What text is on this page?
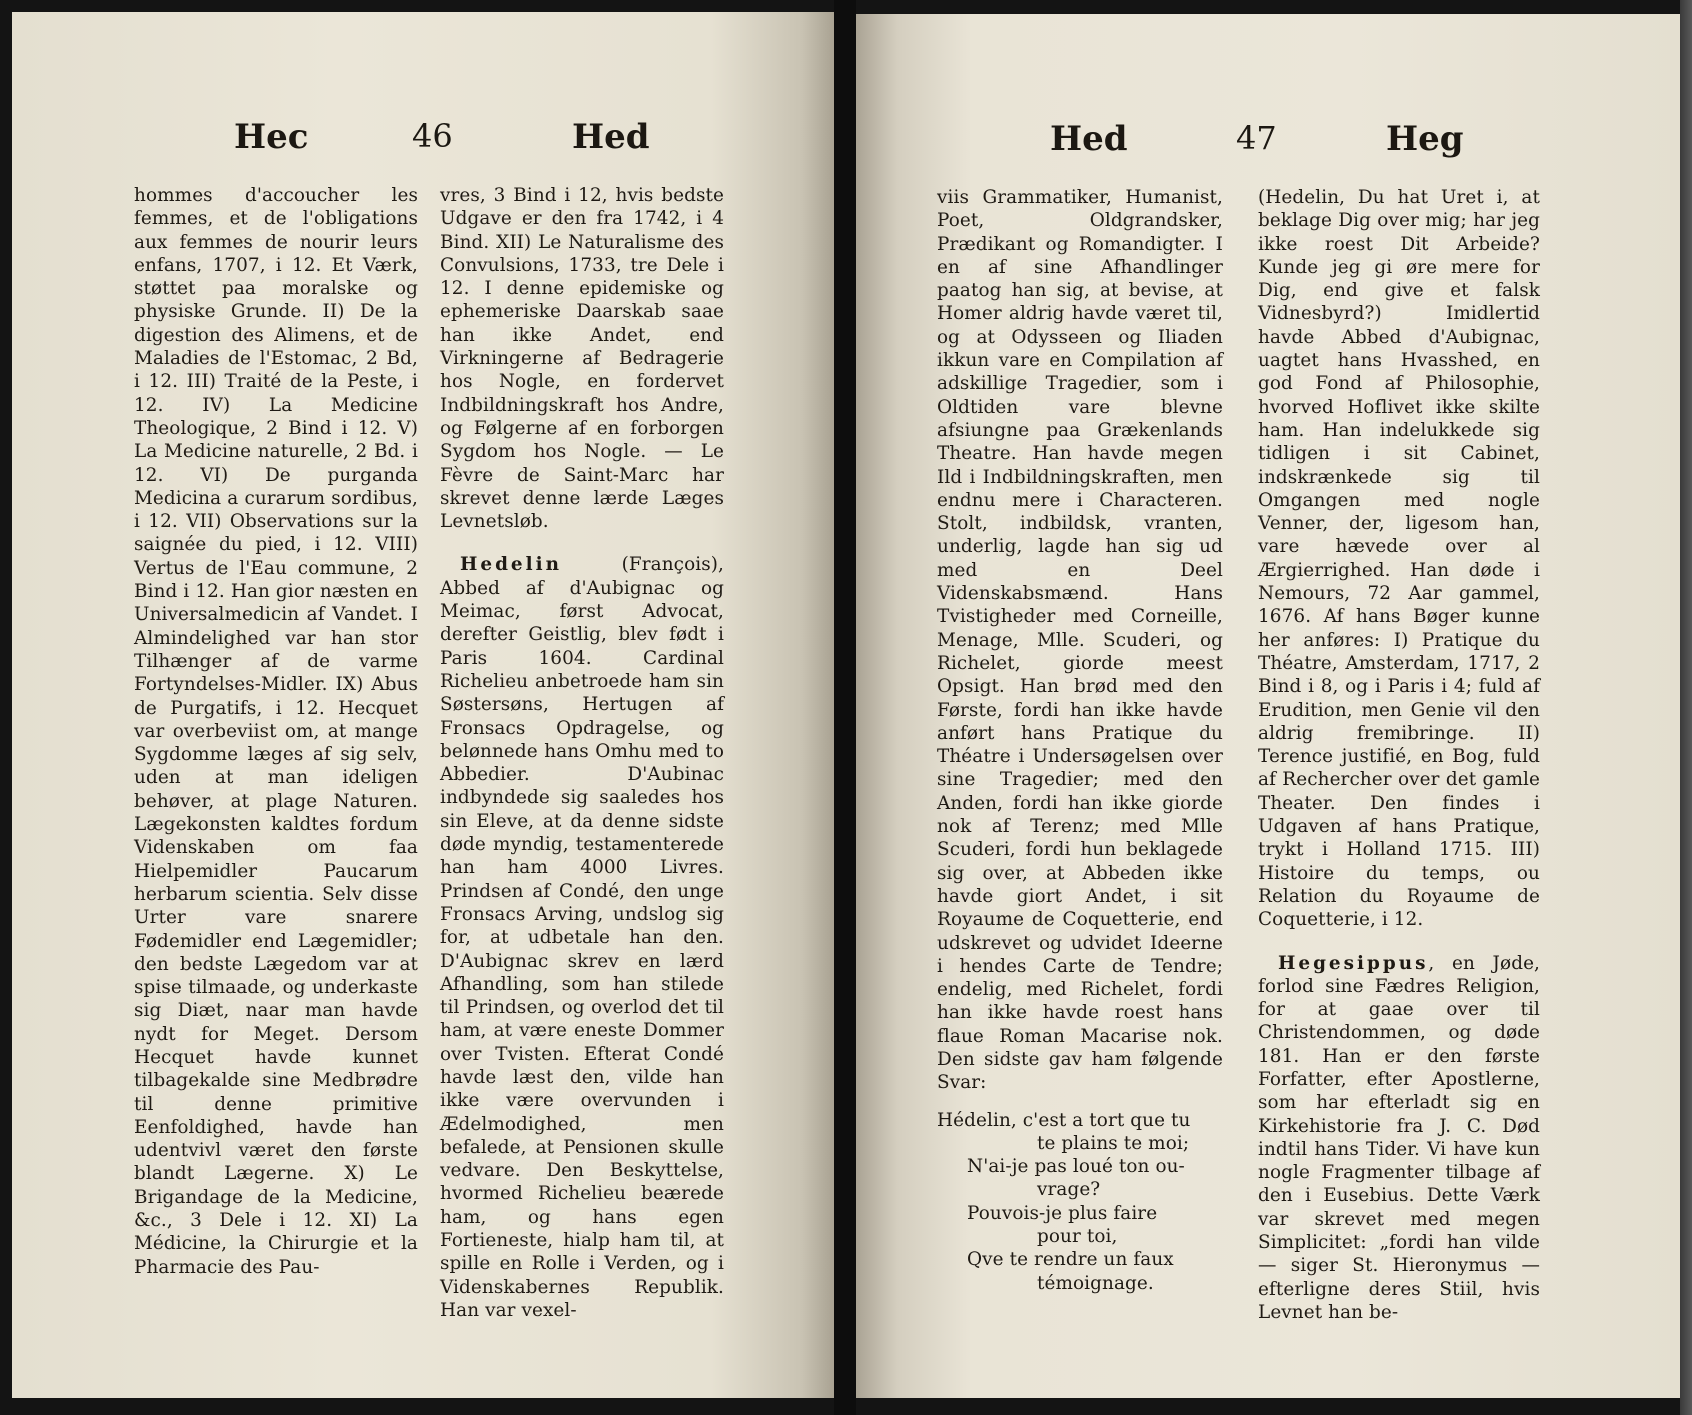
Hec	46	Hed

hommes d'accoucher les femmes, et de l'obligations aux femmes de nourir leurs enfans, 1707, i 12. Et Værk, støttet paa moralske og physiske Grunde. II) De la digestion des Alimens, et de Maladies de l'Estomac, 2 Bd, i 12. III) Traité de la Peste, i 12. IV) La Medicine Theologique, 2 Bind i 12. V) La Medicine naturelle, 2 Bd. i 12. VI) De purganda Medicina a curarum sordibus, i 12. VII) Observations sur la saignée du pied, i 12. VIII) Vertus de l'Eau commune, 2 Bind i 12. Han gior næsten en Universalmedicin af Vandet. I Almindelighed var han stor Tilhænger af de varme Fortyndelses-Midler. IX) Abus de Purgatifs, i 12. Hecquet var overbeviist om, at mange Sygdomme læges af sig selv, uden at man ideligen behøver, at plage Naturen. Lægekonsten kaldtes fordum Videnskaben om faa Hielpemidler Paucarum herbarum scientia. Selv disse Urter vare snarere Fødemidler end Lægemidler; den bedste Lægedom var at spise tilmaade, og underkaste sig Diæt, naar man havde nydt for Meget. Dersom Hecquet havde kunnet tilbagekalde sine Medbrødre til denne primitive Eenfoldighed, havde han udentvivl været den første blandt Lægerne. X) Le Brigandage de la Medicine, &c., 3 Dele i 12. XI) La Médicine, la Chirurgie et la Pharmacie des Pau-

vres, 3 Bind i 12, hvis bedste Udgave er den fra 1742, i 4 Bind. XII) Le Naturalisme des Convulsions, 1733, tre Dele i 12. I denne epidemiske og ephemeriske Daarskab saae han ikke Andet, end Virkningerne af Bedragerie hos Nogle, en fordervet Indbildningskraft hos Andre, og Følgerne af en forborgen Sygdom hos Nogle. — Le Fèvre de Saint-Marc har skrevet denne lærde Læges Levnetsløb.

Hedelin	(François), Abbed af d'Aubignac og Meimac, først Advocat, derefter Geistlig, blev født i Paris 1604. Cardinal Richelieu anbetroede ham sin Søstersøns, Hertugen af Fronsacs Opdragelse, og belønnede hans Omhu med to Abbedier. D'Aubinac indbyndede sig saaledes hos sin Eleve, at da denne sidste døde myndig, testamenterede han ham 4000 Livres. Prindsen af Condé, den unge Fronsacs Arving, undslog sig for, at udbetale han den. D'Aubignac skrev en lærd Afhandling, som han stilede til Prindsen, og overlod det til ham, at være eneste Dommer over Tvisten. Efterat Condé havde læst den, vilde han ikke være overvunden i Ædelmodighed, men befalede, at Pensionen skulle vedvare. Den Beskyttelse, hvormed Richelieu beærede ham, og hans egen Fortieneste, hialp ham til, at spille en Rolle i Verden, og i Videnskabernes Republik. Han var vexel-

Hed	47	Heg

viis Grammatiker, Humanist, Poet, Oldgrandsker, Prædikant og Romandigter. I en af sine Afhandlinger paatog han sig, at bevise, at Homer aldrig havde været til, og at Odysseen og Iliaden ikkun vare en Compilation af adskillige Tragedier, som i Oldtiden vare blevne afsiungne paa Grækenlands Theatre. Han havde megen Ild i Indbildningskraften, men endnu mere i Characteren. Stolt, indbildsk, vranten, underlig, lagde han sig ud med en Deel Videnskabsmænd. Hans Tvistigheder med Corneille, Menage, Mlle. Scuderi, og Richelet, giorde meest Opsigt. Han brød med den Første, fordi han ikke havde anført hans Pratique du Théatre i Undersøgelsen over sine Tragedier; med den Anden, fordi han ikke giorde nok af Terenz; med Mlle Scuderi, fordi hun beklagede sig over, at Abbeden ikke havde giort Andet, i sit Royaume de Coquetterie, end udskrevet og udvidet Ideerne i hendes Carte de Tendre; endelig, med Richelet, fordi han ikke havde roest hans flaue Roman Macarise nok. Den sidste gav ham følgende Svar:

Hédelin, c'est a tort que tu
te plains te moi;
N'ai-je pas loué ton ou-
vrage?
Pouvois-je plus faire
pour toi,
Qve te rendre un faux
témoignage.

(Hedelin, Du hat Uret i, at beklage Dig over mig; har jeg ikke roest Dit Arbeide? Kunde jeg gi øre mere for Dig, end give et falsk Vidnesbyrd?) Imidlertid havde Abbed d'Aubignac, uagtet hans Hvasshed, en god Fond af Philosophie, hvorved Hoflivet ikke skilte ham. Han indelukkede sig tidligen i sit Cabinet, indskrænkede sig til Omgangen med nogle Venner, der, ligesom han, vare hævede over al Ærgierrighed. Han døde i Nemours, 72 Aar gammel, 1676. Af hans Bøger kunne her anføres: I) Pratique du Théatre, Amsterdam, 1717, 2 Bind i 8, og i Paris i 4; fuld af Erudition, men Genie vil den aldrig fremibringe. II) Terence justifié, en Bog, fuld af Rechercher over det gamle Theater. Den findes i Udgaven af hans Pratique, trykt i Holland 1715. III) Histoire du temps, ou Relation du Royaume de Coquetterie, i 12.

Hegesippus, en Jøde, forlod sine Fædres Religion, for at gaae over til Christendommen, og døde 181. Han er den første Forfatter, efter Apostlerne, som har efterladt sig en Kirkehistorie fra J. C. Død indtil hans Tider. Vi have kun nogle Fragmenter tilbage af den i Eusebius. Dette Værk var skrevet med megen Simplicitet: „fordi han vilde — siger St. Hieronymus — efterligne deres Stiil, hvis Levnet han be-
